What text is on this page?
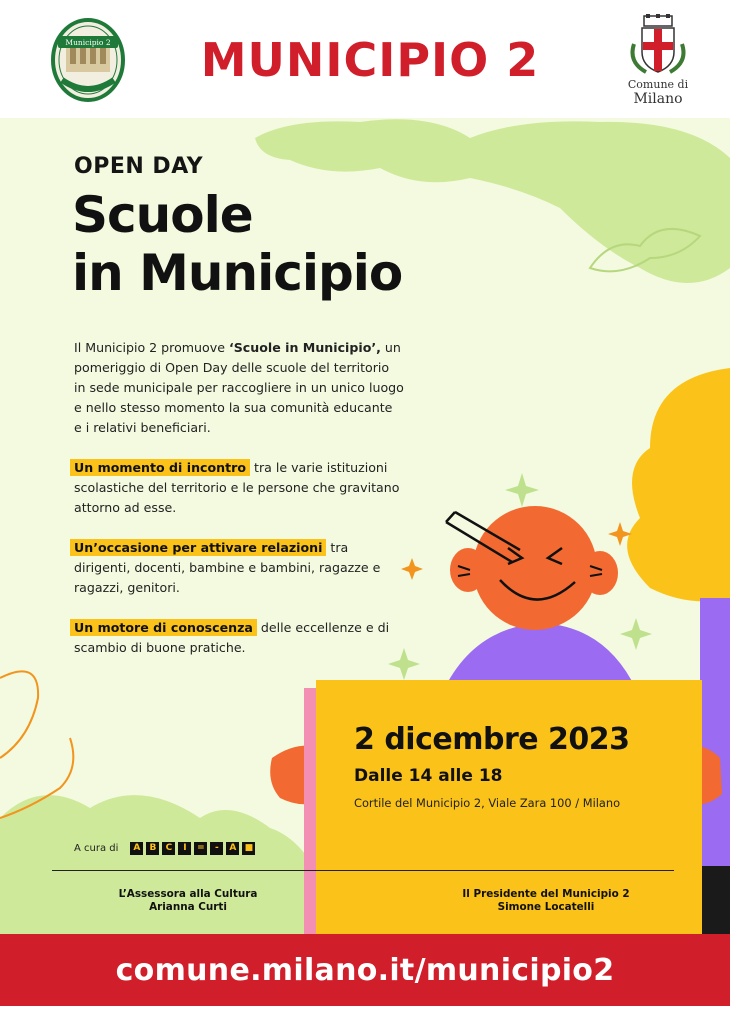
Municipio 2 MUNICIPIO 2	Comune di
Milano
OPEN DAY
Scuole
in Municipio
Il Municipio 2 promuove ‘Scuole in Municipio’, un pomeriggio di Open Day delle scuole del territorio in sede municipale per raccogliere in un unico luogo e nello stesso momento la sua comunità educante e i relativi beneficiari.
Un momento di incontro tra le varie istituzioni scolastiche del territorio e le persone che gravitano attorno ad esse.
Un’occasione per attivare relazioni tra dirigenti, docenti, bambine e bambini, ragazze e ragazzi, genitori.
Un motore di conoscenza delle eccellenze e di scambio di buone pratiche.
2 dicembre 2023
Dalle 14 alle 18
Cortile del Municipio 2, Viale Zara 100 / Milano
A cura di	A	B	C	I	=	-	A ■
L’Assessora alla Cultura
Arianna Curti
Il Presidente del Municipio 2
Simone Locatelli
comune.milano.it/municipio2
